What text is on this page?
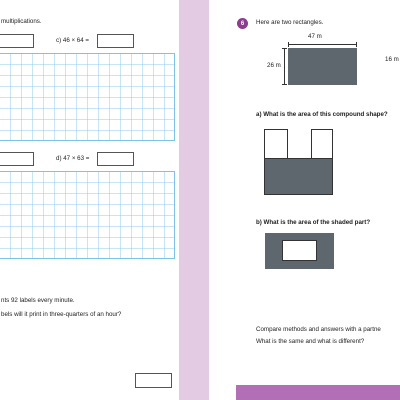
multiplications.
c) 46 × 64 =
d) 47 × 63 =
nts 92 labels every minute.
bels will it print in three-quarters of an hour?
6	Here are two rectangles.
47 m
26 m
16 m
a) What is the area of this compound shape?
b) What is the area of the shaded part?
Compare methods and answers with a partne
What is the same and what is different?
